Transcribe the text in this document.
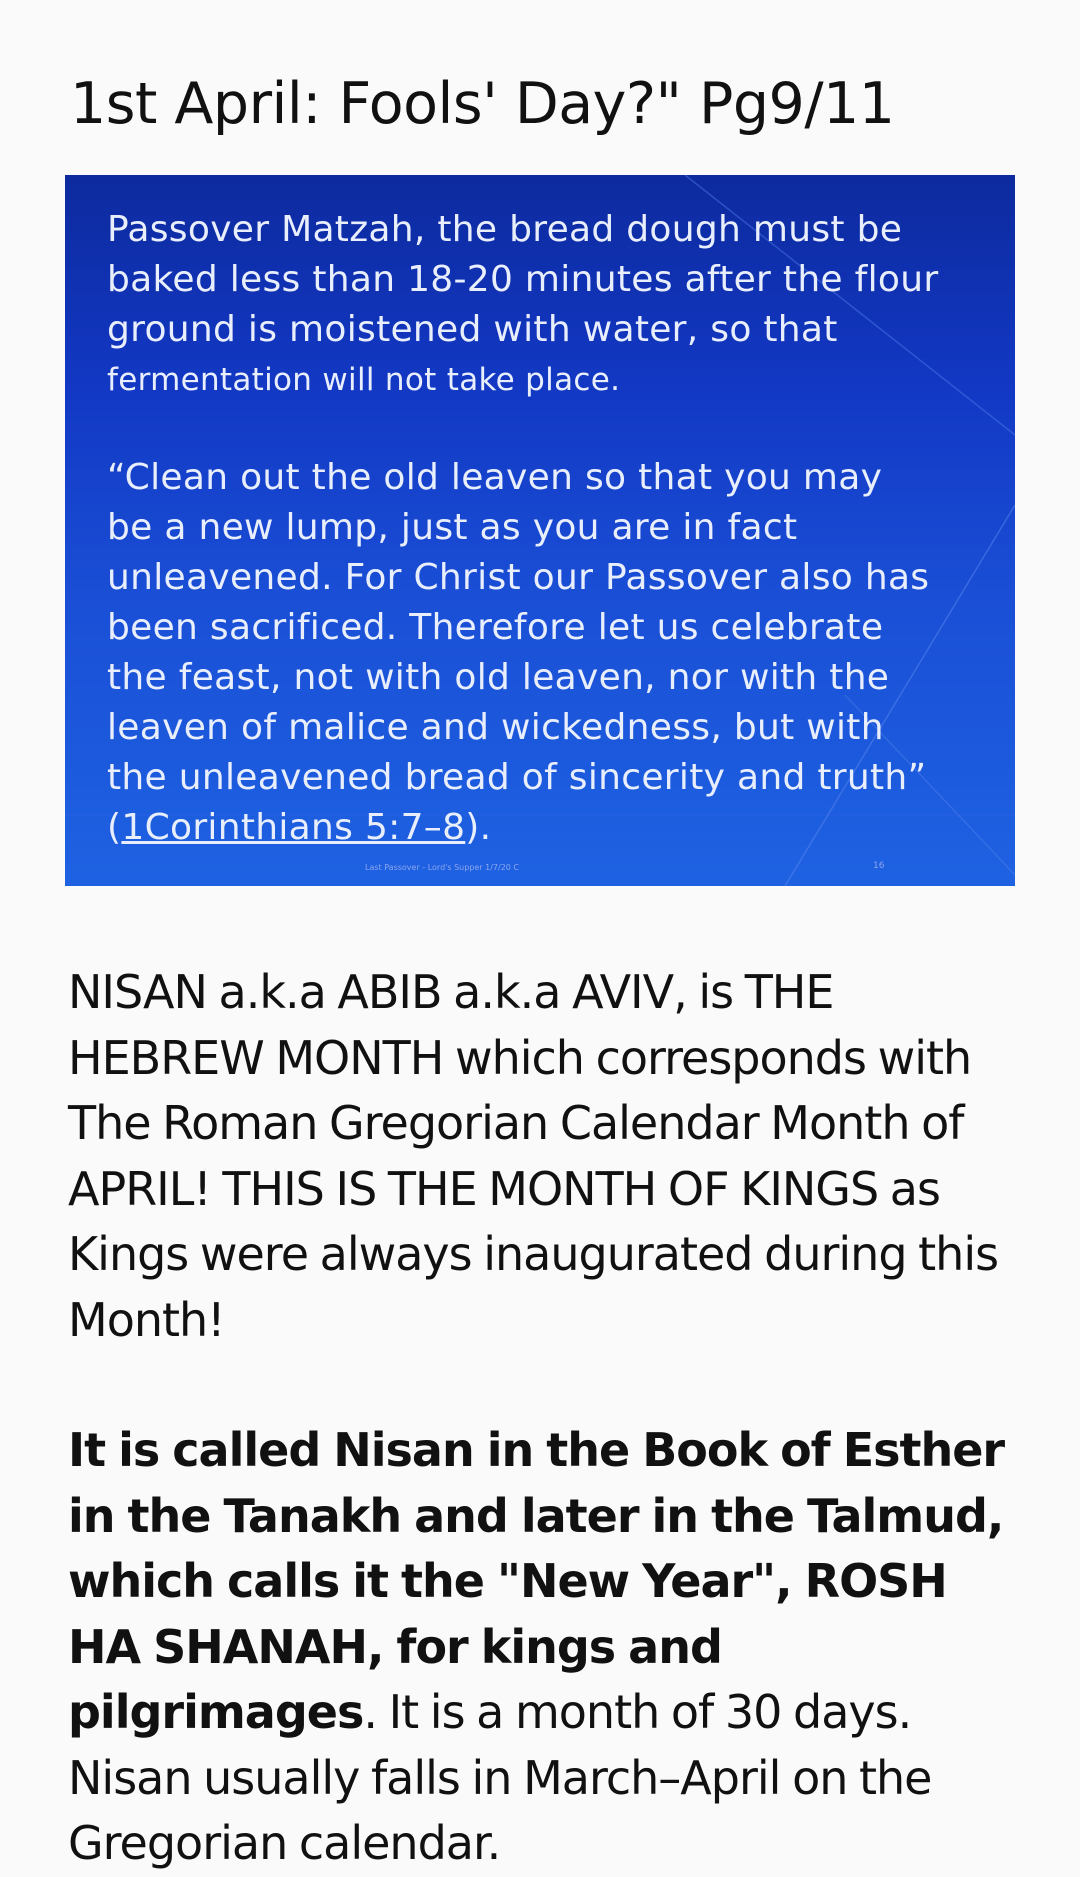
1st April: Fools' Day?" Pg9/11

Passover Matzah, the bread dough must be

baked less than 18-20 minutes after the flour

ground is moistened with water, so that

fermentation will not take place.

“Clean out the old leaven so that you may

be a new lump, just as you are in fact

unleavened. For Christ our Passover also has

been sacrificed. Therefore let us celebrate

the feast, not with old leaven, nor with the

leaven of malice and wickedness, but with

the unleavened bread of sincerity and truth”

(1Corinthians 5:7–8).

Last Passover - Lord's Supper 1/7/20 C	16

NISAN a.k.a ABIB a.k.a AVIV, is THE HEBREW MONTH which corresponds with The Roman Gregorian Calendar Month of APRIL! THIS IS THE MONTH OF KINGS as Kings were always inaugurated during this Month!

It is called Nisan in the Book of Esther in the Tanakh and later in the Talmud, which calls it the "New Year", ROSH HA SHANAH, for kings and pilgrimages. It is a month of 30 days. Nisan usually falls in March–April on the Gregorian calendar.
